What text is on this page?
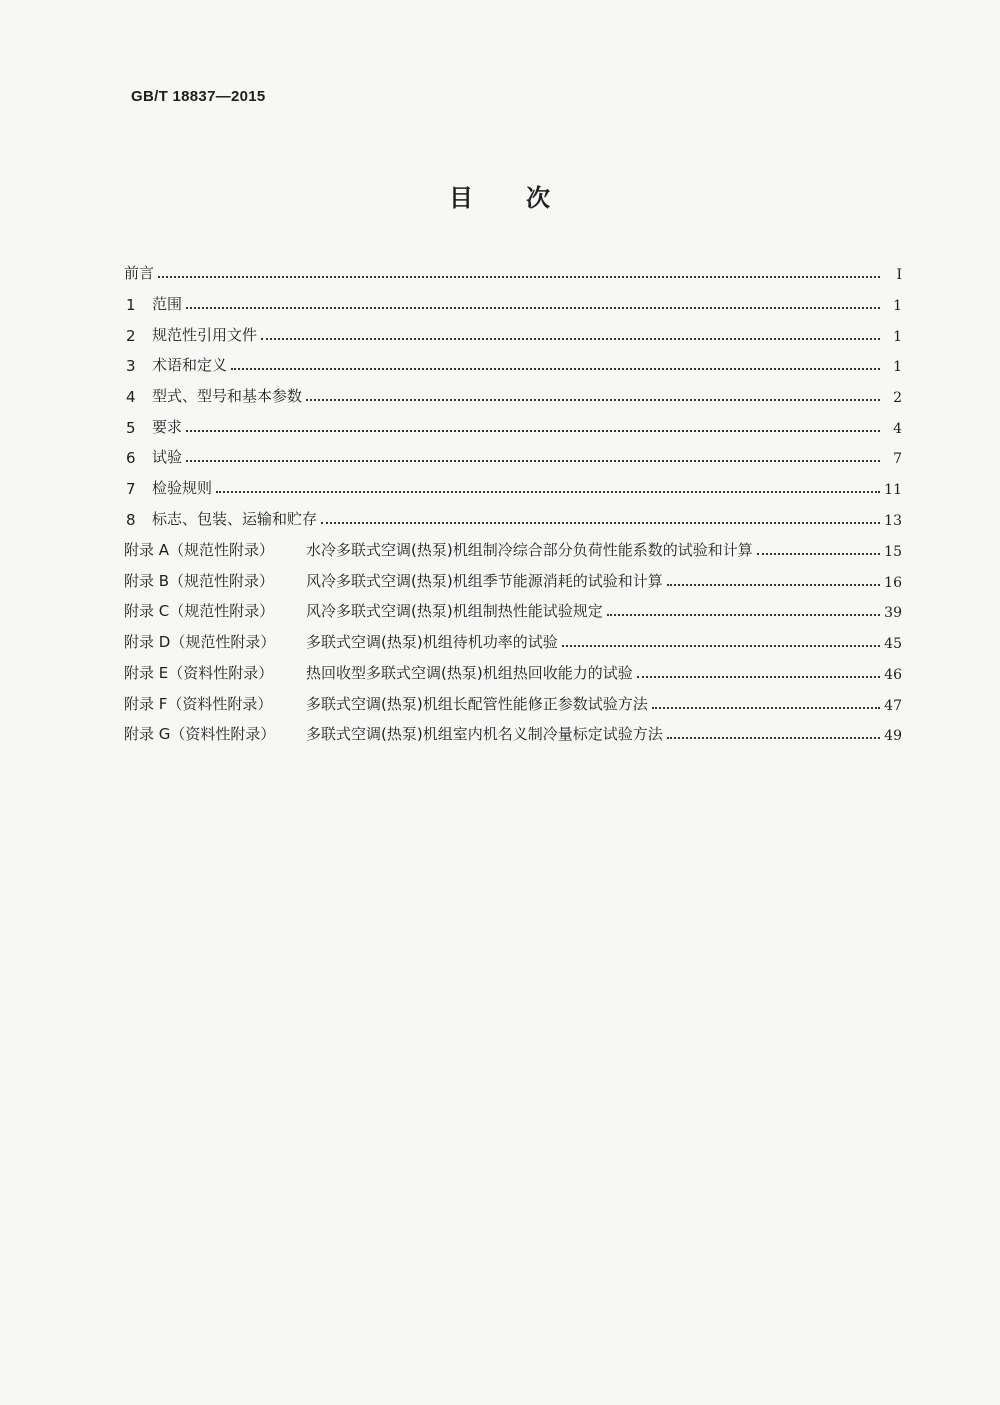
GB/T 18837—2015
目 次
前言	Ⅰ
1	范围	1
2	规范性引用文件	1
3	术语和定义	1
4	型式、型号和基本参数	2
5	要求	4
6	试验	7
7	检验规则	11
8	标志、包装、运输和贮存	13
附录 A（规范性附录）	水冷多联式空调(热泵)机组制冷综合部分负荷性能系数的试验和计算	15
附录 B（规范性附录）	风冷多联式空调(热泵)机组季节能源消耗的试验和计算	16
附录 C（规范性附录）	风冷多联式空调(热泵)机组制热性能试验规定	39
附录 D（规范性附录）	多联式空调(热泵)机组待机功率的试验	45
附录 E（资料性附录）	热回收型多联式空调(热泵)机组热回收能力的试验	46
附录 F（资料性附录）	多联式空调(热泵)机组长配管性能修正参数试验方法	47
附录 G（资料性附录）	多联式空调(热泵)机组室内机名义制冷量标定试验方法	49
